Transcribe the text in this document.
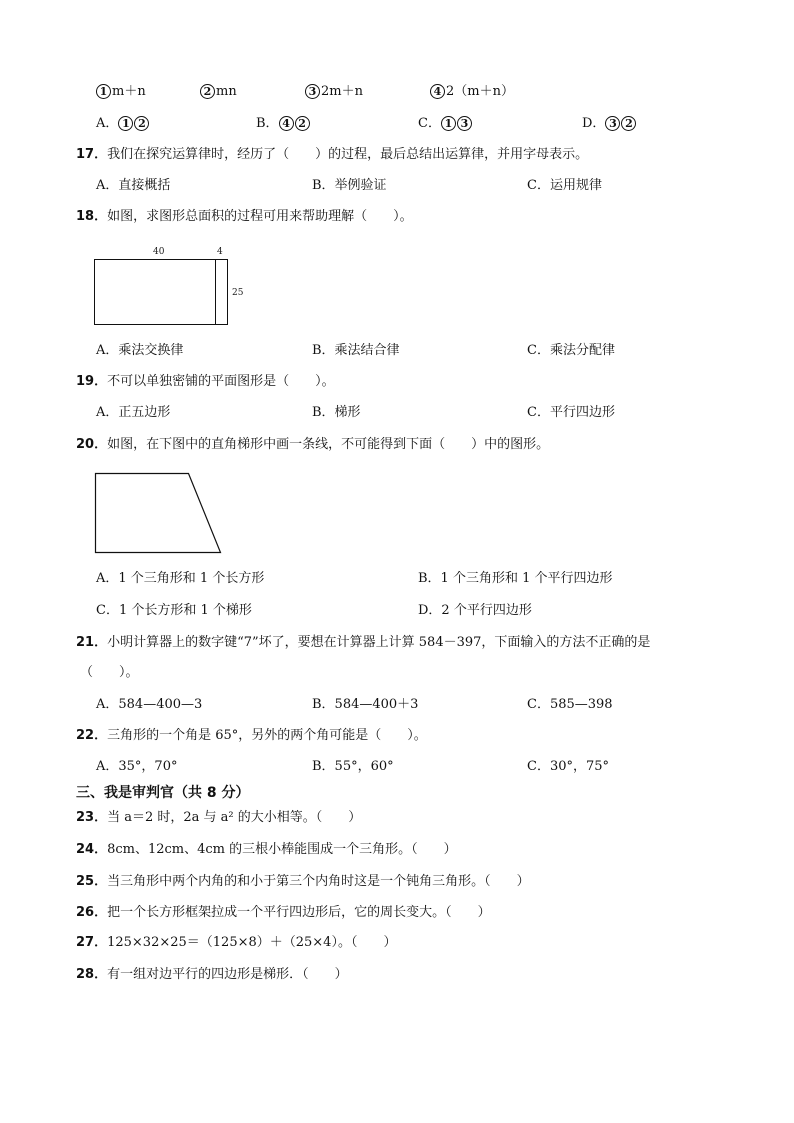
1 m＋n	2 mn	3 2m＋n	4 2（m＋n）
A． 1 2	B． 4 2	C． 1 3	D． 3 2
17．我们在探究运算律时，经历了（　　）的过程，最后总结出运算律，并用字母表示。
A．直接概括	B．举例验证	C．运用规律
18．如图，求图形总面积的过程可用来帮助理解（　　）。
40	4
25
A．乘法交换律	B．乘法结合律	C．乘法分配律
19．不可以单独密铺的平面图形是（　　）。
A．正五边形	B．梯形	C．平行四边形
20．如图，在下图中的直角梯形中画一条线，不可能得到下面（　　）中的图形。
A．1 个三角形和 1 个长方形	B．1 个三角形和 1 个平行四边形
C．1 个长方形和 1 个梯形	D．2 个平行四边形
21．小明计算器上的数字键“7”坏了，要想在计算器上计算 584－397，下面输入的方法不正确的是
（　　）。
A．584—400—3	B．584—400＋3	C．585—398
22．三角形的一个角是 65°，另外的两个角可能是（　　）。
A．35°，70°	B．55°，60°	C．30°，75°
三、我是审判官（共 8 分）
23．当 a＝2 时，2a 与 a² 的大小相等。（　　）
24．8cm、12cm、4cm 的三根小棒能围成一个三角形。（　　）
25．当三角形中两个内角的和小于第三个内角时这是一个钝角三角形。（　　）
26．把一个长方形框架拉成一个平行四边形后，它的周长变大。（　　）
27．125×32×25＝（125×8）＋（25×4）。（　　）
28．有一组对边平行的四边形是梯形．（　　）
